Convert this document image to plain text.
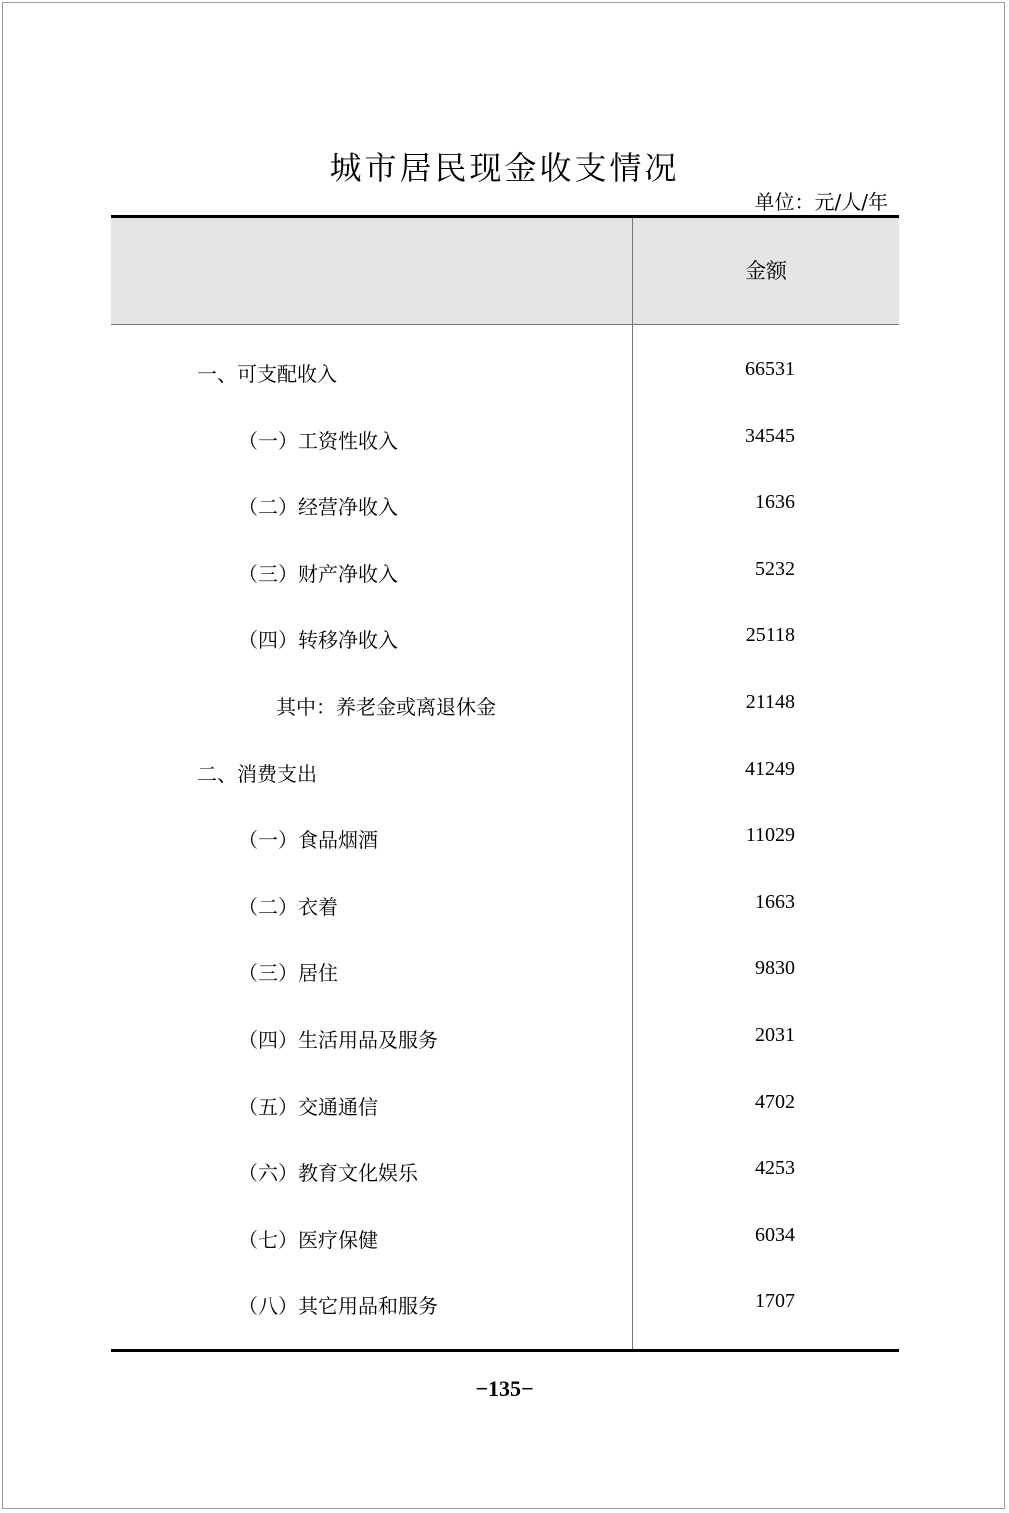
城市居民现金收支情况
单位：元/人/年
金额
一、可支配收入	66531
（一）工资性收入	34545
（二）经营净收入	1636
（三）财产净收入	5232
（四）转移净收入	25118
其中：养老金或离退休金	21148
二、消费支出	41249
（一）食品烟酒	11029
（二）衣着	1663
（三）居住	9830
（四）生活用品及服务	2031
（五）交通通信	4702
（六）教育文化娱乐	4253
（七）医疗保健	6034
（八）其它用品和服务	1707
−135−
